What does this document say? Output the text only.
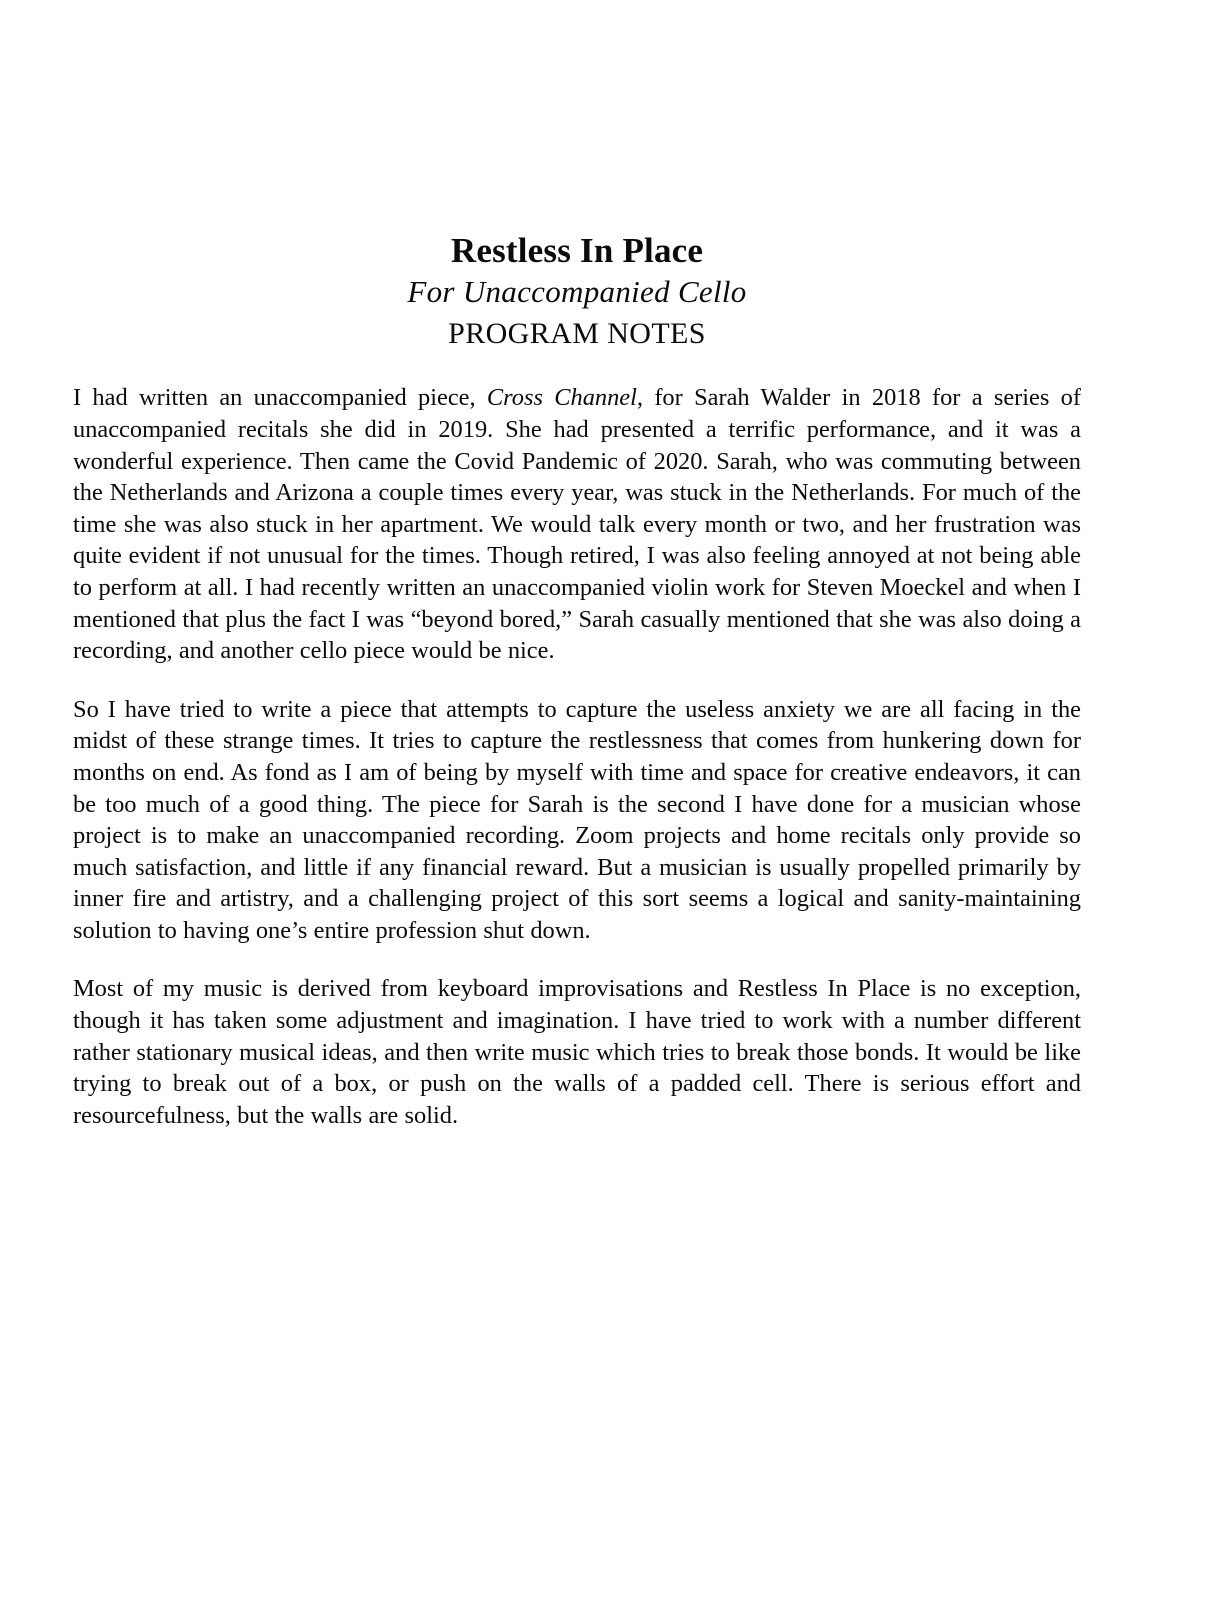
Restless In Place
For Unaccompanied Cello
PROGRAM NOTES

I had written an unaccompanied piece, Cross Channel, for Sarah Walder in 2018 for a series of unaccompanied recitals she did in 2019. She had presented a terrific performance, and it was a wonderful experience. Then came the Covid Pandemic of 2020. Sarah, who was commuting between the Netherlands and Arizona a couple times every year, was stuck in the Netherlands. For much of the time she was also stuck in her apartment. We would talk every month or two, and her frustration was quite evident if not unusual for the times. Though retired, I was also feeling annoyed at not being able to perform at all. I had recently written an unaccompanied violin work for Steven Moeckel and when I mentioned that plus the fact I was “beyond bored,” Sarah casually mentioned that she was also doing a recording, and another cello piece would be nice.

So I have tried to write a piece that attempts to capture the useless anxiety we are all facing in the midst of these strange times. It tries to capture the restlessness that comes from hunkering down for months on end. As fond as I am of being by myself with time and space for creative endeavors, it can be too much of a good thing. The piece for Sarah is the second I have done for a musician whose project is to make an unaccompanied recording. Zoom projects and home recitals only provide so much satisfaction, and little if any financial reward. But a musician is usually propelled primarily by inner fire and artistry, and a challenging project of this sort seems a logical and sanity-maintaining solution to having one’s entire profession shut down.

Most of my music is derived from keyboard improvisations and Restless In Place is no exception, though it has taken some adjustment and imagination. I have tried to work with a number different rather stationary musical ideas, and then write music which tries to break those bonds. It would be like trying to break out of a box, or push on the walls of a padded cell. There is serious effort and resourcefulness, but the walls are solid.
